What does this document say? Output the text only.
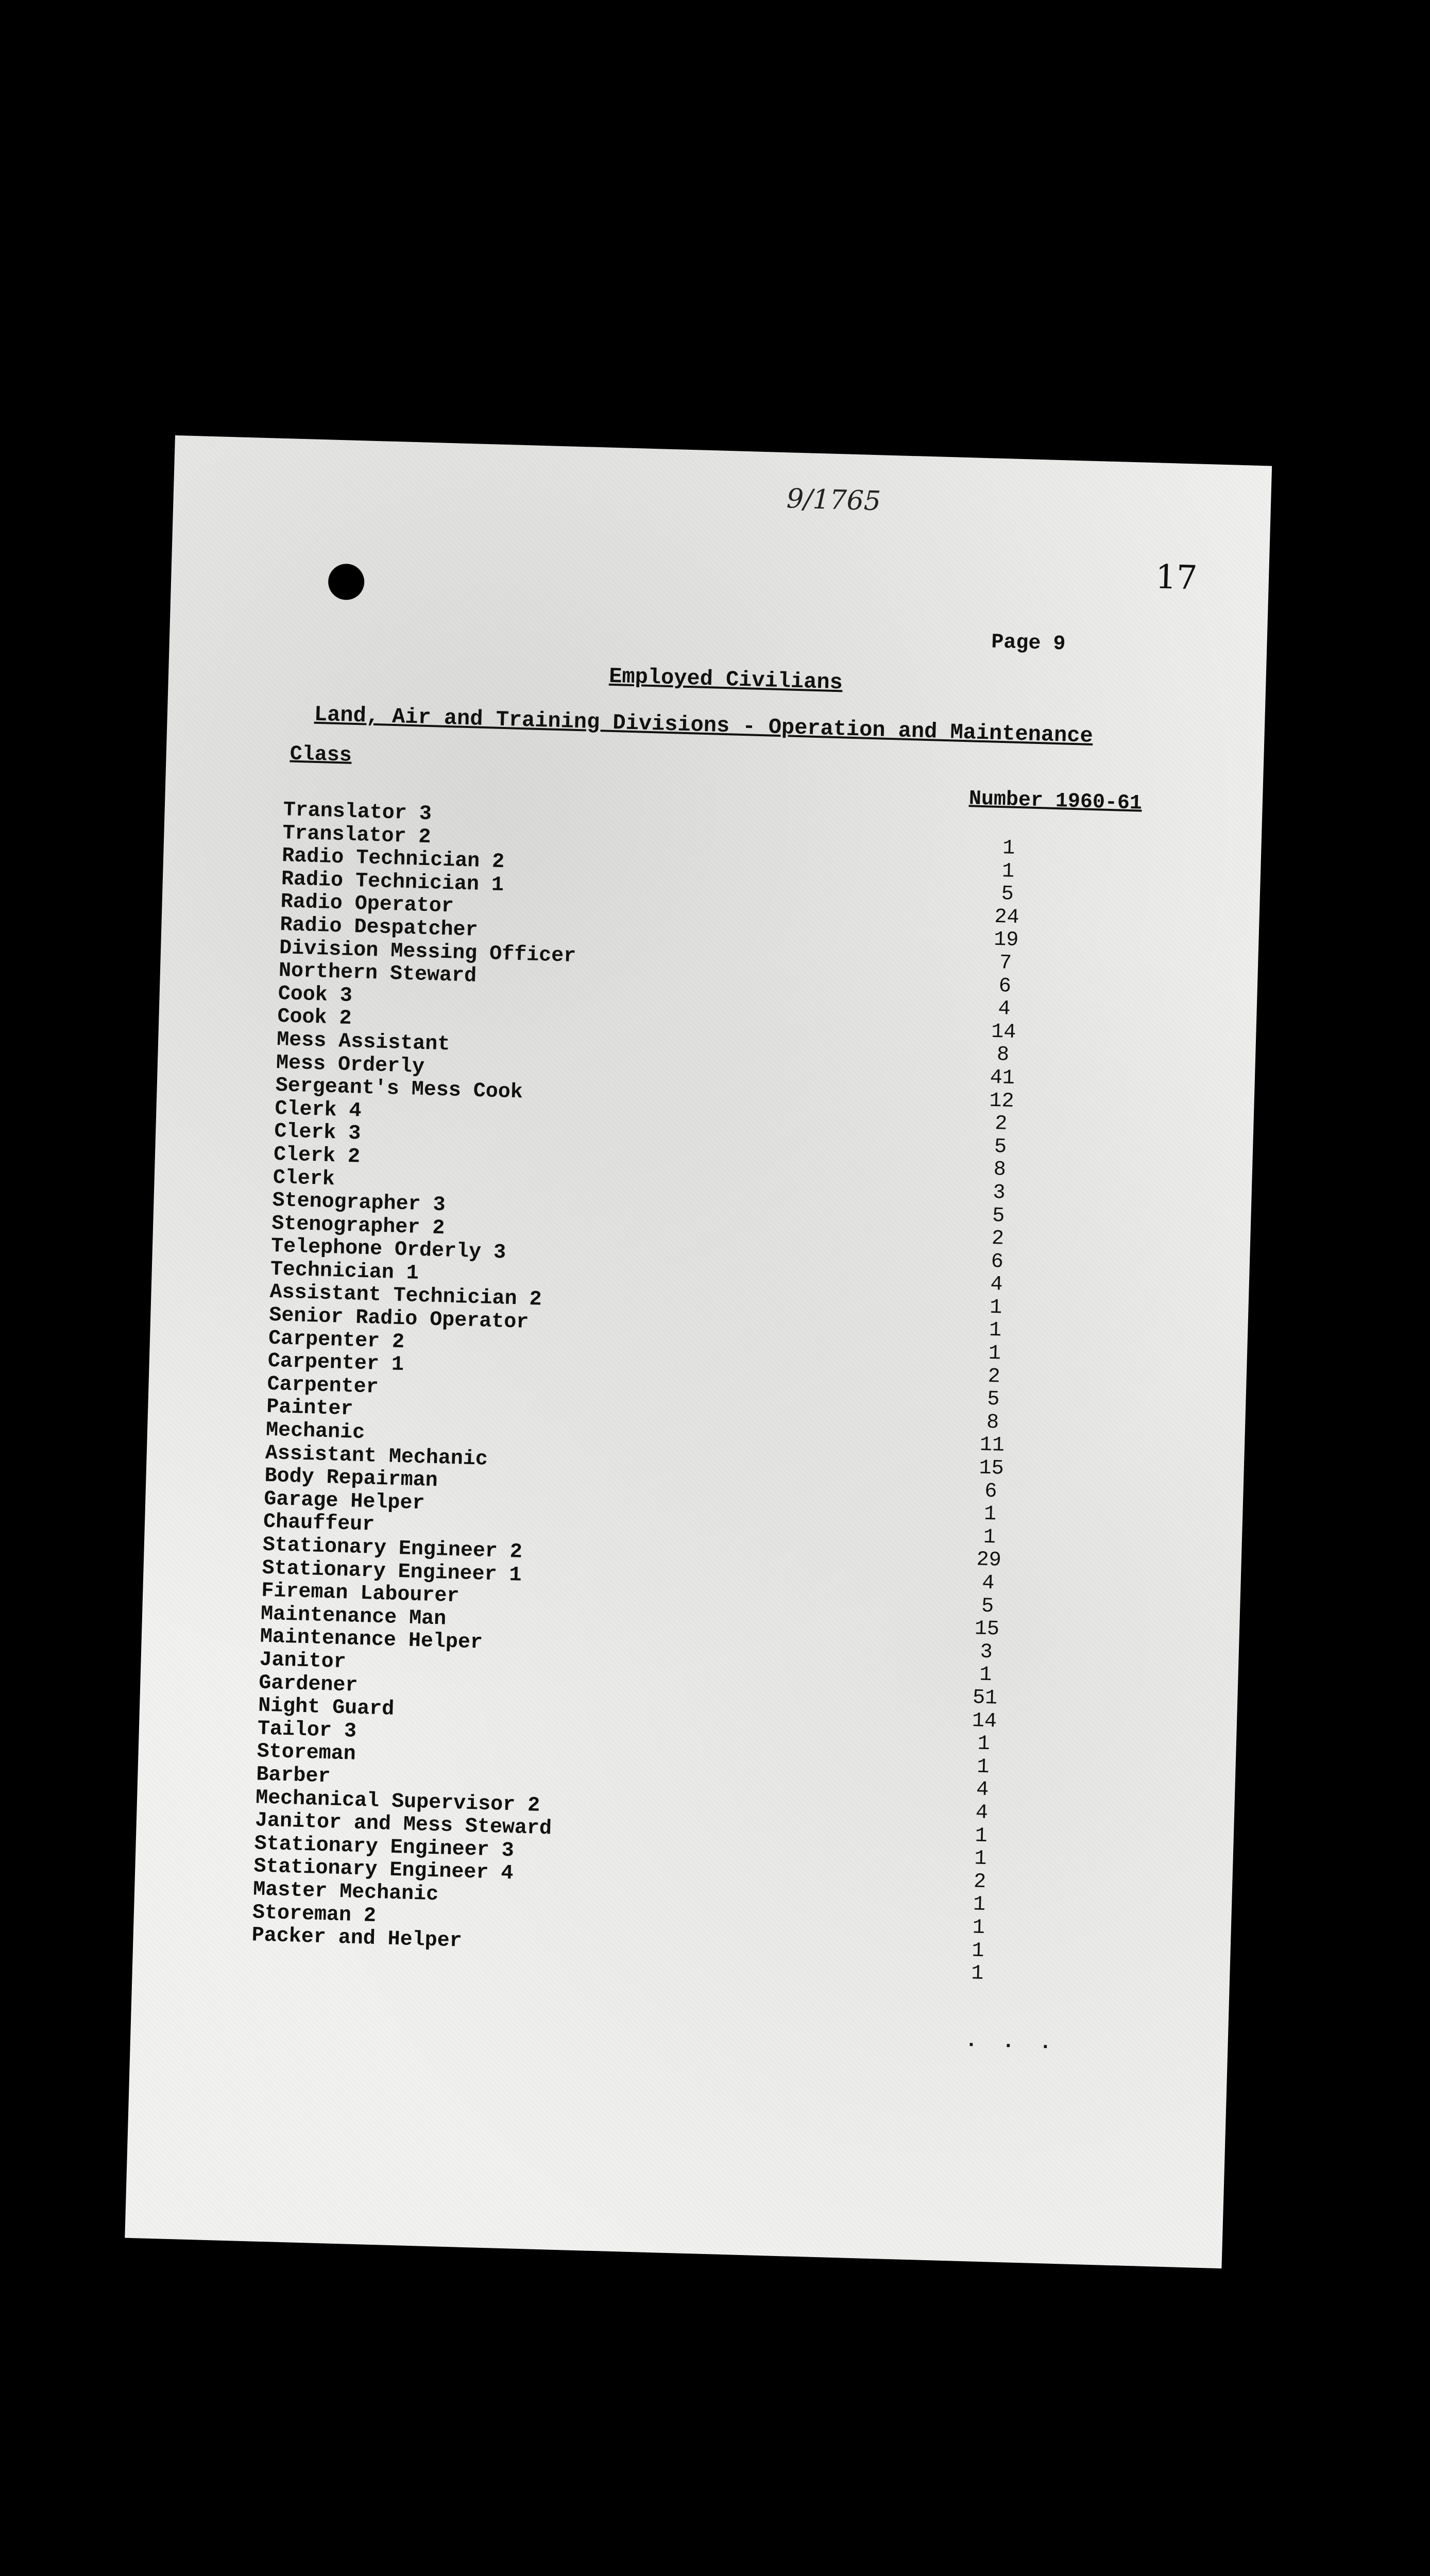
9/1765
17
Page 9
Employed Civilians
Land, Air and Training Divisions - Operation and Maintenance
Class
Number 1960-61
Translator 3
Translator 2
Radio Technician 2
Radio Technician 1
Radio Operator
Radio Despatcher
Division Messing Officer
Northern Steward
Cook 3
Cook 2
Mess Assistant
Mess Orderly
Sergeant's Mess Cook
Clerk 4
Clerk 3
Clerk 2
Clerk
Stenographer 3
Stenographer 2
Telephone Orderly 3
Technician 1
Assistant Technician 2
Senior Radio Operator
Carpenter 2
Carpenter 1
Carpenter
Painter
Mechanic
Assistant Mechanic
Body Repairman
Garage Helper
Chauffeur
Stationary Engineer 2
Stationary Engineer 1
Fireman Labourer
Maintenance Man
Maintenance Helper
Janitor
Gardener
Night Guard
Tailor 3
Storeman
Barber
Mechanical Supervisor 2
Janitor and Mess Steward
Stationary Engineer 3
Stationary Engineer 4
Master Mechanic
Storeman 2
Packer and Helper
1
1
5
24
19
7
6
4
14
8
41
12
2
5
8
3
5
2
6
4
1
1
1
2
5
8
11
15
6
1
1
29
4
5
15
3
1
51
14
1
1
4
4
1
1
2
1
1
1
1
. . .
